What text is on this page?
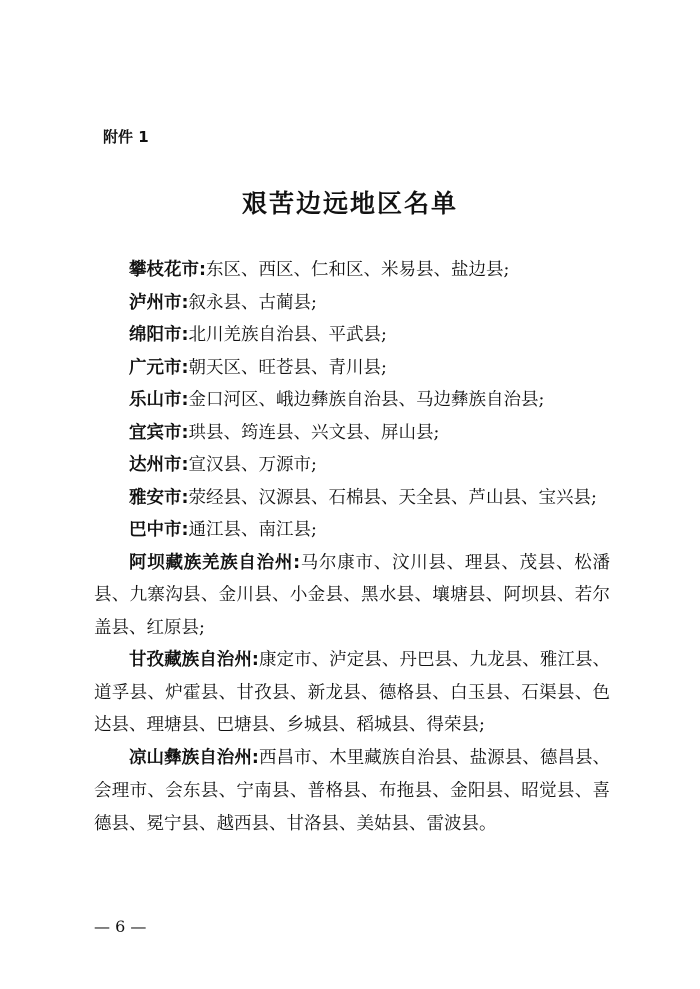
附件 1
艰苦边远地区名单

攀枝花市:东区、西区、仁和区、米易县、盐边县;

泸州市:叙永县、古蔺县;

绵阳市:北川羌族自治县、平武县;

广元市:朝天区、旺苍县、青川县;

乐山市:金口河区、峨边彝族自治县、马边彝族自治县;

宜宾市:珙县、筠连县、兴文县、屏山县;

达州市:宣汉县、万源市;

雅安市:荥经县、汉源县、石棉县、天全县、芦山县、宝兴县;

巴中市:通江县、南江县;

阿坝藏族羌族自治州:马尔康市、汶川县、理县、茂县、松潘县、九寨沟县、金川县、小金县、黑水县、壤塘县、阿坝县、若尔盖县、红原县;

甘孜藏族自治州:康定市、泸定县、丹巴县、九龙县、雅江县、道孚县、炉霍县、甘孜县、新龙县、德格县、白玉县、石渠县、色达县、理塘县、巴塘县、乡城县、稻城县、得荣县;

凉山彝族自治州:西昌市、木里藏族自治县、盐源县、德昌县、会理市、会东县、宁南县、普格县、布拖县、金阳县、昭觉县、喜德县、冕宁县、越西县、甘洛县、美姑县、雷波县。

— 6 —
